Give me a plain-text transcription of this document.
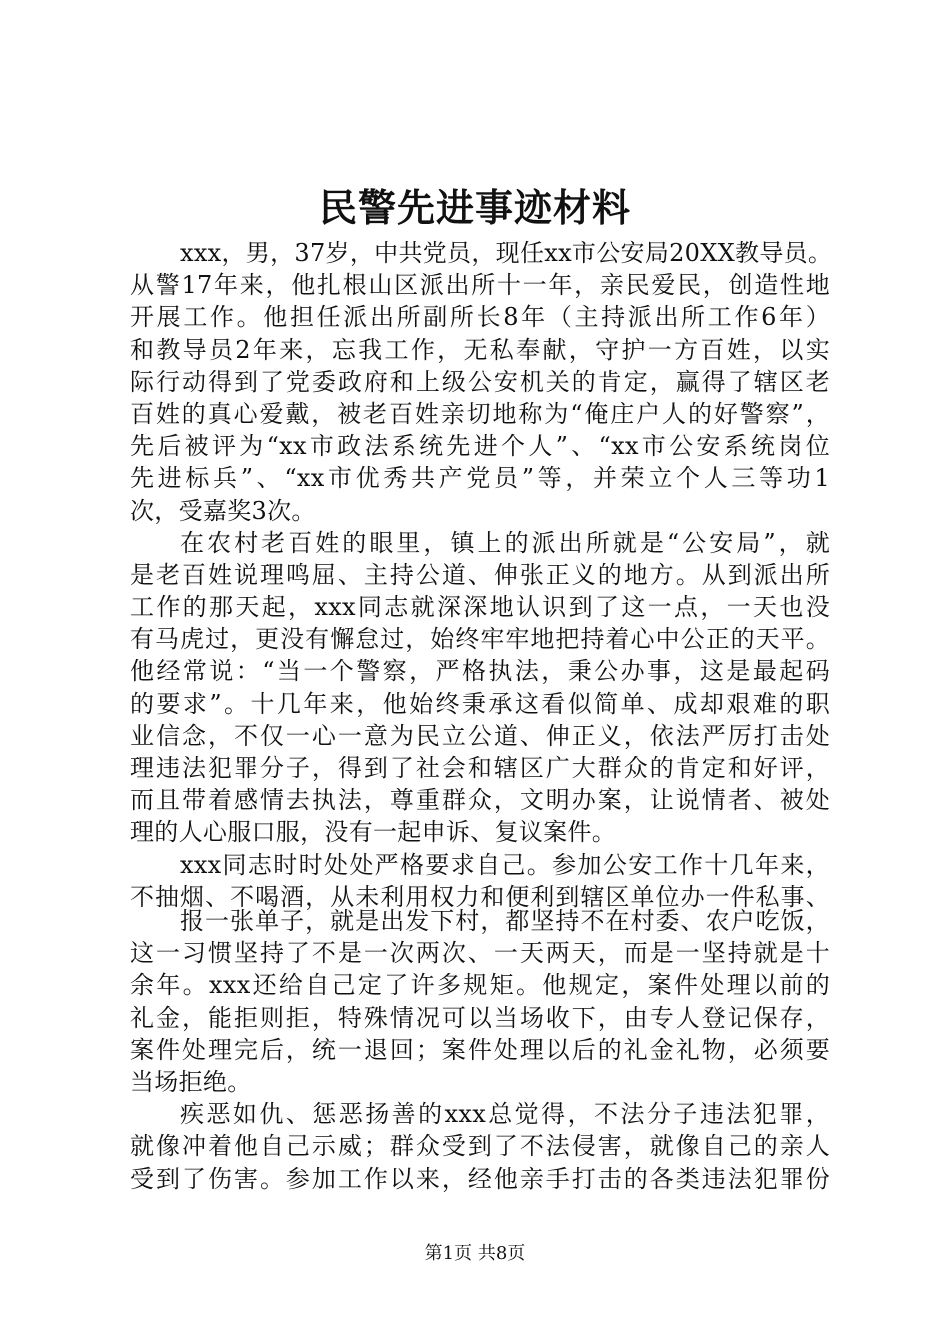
民警先进事迹材料
xxx，男，37岁，中共党员，现任xx市公安局20XX教导员。
从警17年来，他扎根山区派出所十一年，亲民爱民，创造性地
开展工作。他担任派出所副所长8年（主持派出所工作6年）
和教导员2年来，忘我工作，无私奉献，守护一方百姓，以实
际行动得到了党委政府和上级公安机关的肯定，赢得了辖区老
百姓的真心爱戴，被老百姓亲切地称为“俺庄户人的好警察”，
先后被评为“xx市政法系统先进个人”、“xx市公安系统岗位
先进标兵”、“xx市优秀共产党员”等，并荣立个人三等功1
次，受嘉奖3次。
在农村老百姓的眼里，镇上的派出所就是“公安局”，就
是老百姓说理鸣屈、主持公道、伸张正义的地方。从到派出所
工作的那天起，xxx同志就深深地认识到了这一点，一天也没
有马虎过，更没有懈怠过，始终牢牢地把持着心中公正的天平。
他经常说：“当一个警察，严格执法，秉公办事，这是最起码
的要求”。十几年来，他始终秉承这看似简单、成却艰难的职
业信念，不仅一心一意为民立公道、伸正义，依法严厉打击处
理违法犯罪分子，得到了社会和辖区广大群众的肯定和好评，
而且带着感情去执法，尊重群众，文明办案，让说情者、被处
理的人心服口服，没有一起申诉、复议案件。
xxx同志时时处处严格要求自己。参加公安工作十几年来，
不抽烟、不喝酒，从未利用权力和便利到辖区单位办一件私事、
报一张单子，就是出发下村，都坚持不在村委、农户吃饭，
这一习惯坚持了不是一次两次、一天两天，而是一坚持就是十
余年。xxx还给自己定了许多规矩。他规定，案件处理以前的
礼金，能拒则拒，特殊情况可以当场收下，由专人登记保存，
案件处理完后，统一退回；案件处理以后的礼金礼物，必须要
当场拒绝。
疾恶如仇、惩恶扬善的xxx总觉得，不法分子违法犯罪，
就像冲着他自己示威；群众受到了不法侵害，就像自己的亲人
受到了伤害。参加工作以来，经他亲手打击的各类违法犯罪份
第1页 共8页
